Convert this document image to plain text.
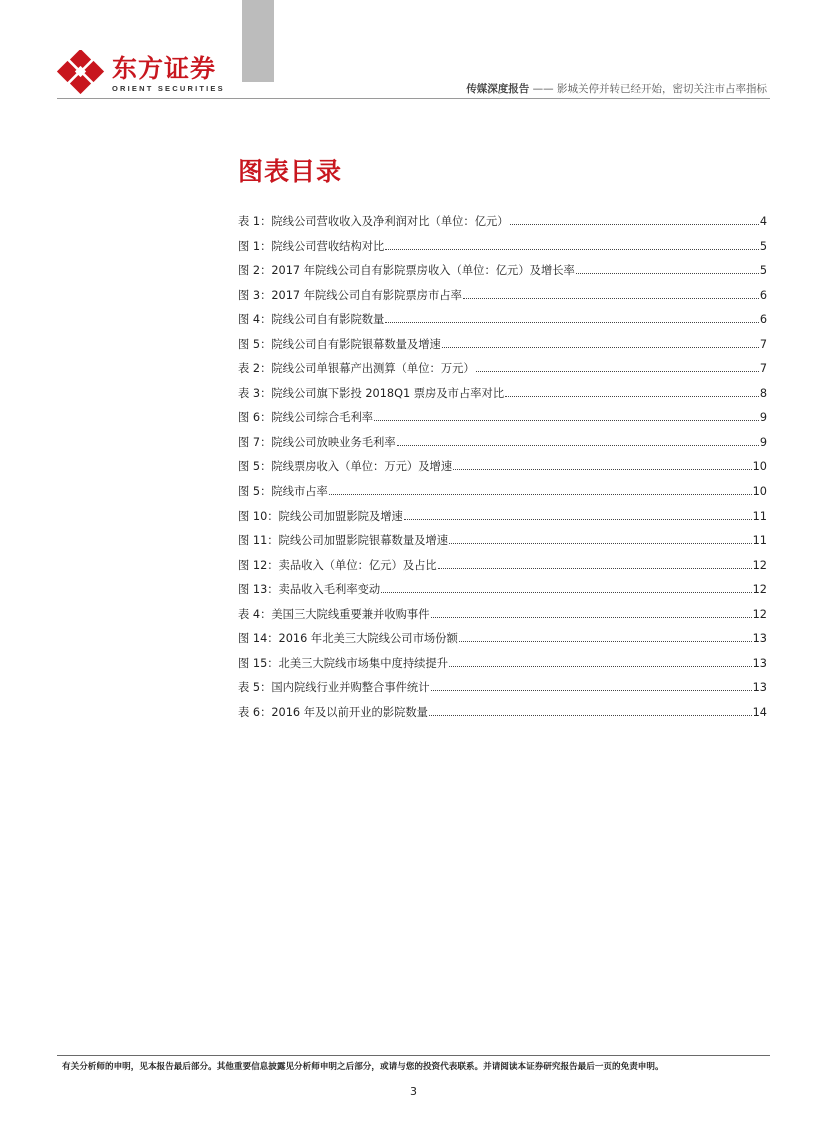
东方证券
ORIENT SECURITIES	传媒深度报告 —— 影城关停并转已经开始，密切关注市占率指标
图表目录
表 1：院线公司营收收入及净利润对比（单位：亿元）	4
图 1：院线公司营收结构对比	5
图 2：2017 年院线公司自有影院票房收入（单位：亿元）及增长率	5
图 3：2017 年院线公司自有影院票房市占率	6
图 4：院线公司自有影院数量	6
图 5：院线公司自有影院银幕数量及增速	7
表 2：院线公司单银幕产出测算（单位：万元）	7
表 3：院线公司旗下影投 2018Q1 票房及市占率对比	8
图 6：院线公司综合毛利率	9
图 7：院线公司放映业务毛利率	9
图 5：院线票房收入（单位：万元）及增速	10
图 5：院线市占率	10
图 10：院线公司加盟影院及增速	11
图 11：院线公司加盟影院银幕数量及增速	11
图 12：卖品收入（单位：亿元）及占比	12
图 13：卖品收入毛利率变动	12
表 4：美国三大院线重要兼并收购事件	12
图 14：2016 年北美三大院线公司市场份额	13
图 15：北美三大院线市场集中度持续提升	13
表 5：国内院线行业并购整合事件统计	13
表 6：2016 年及以前开业的影院数量	14
有关分析师的申明，见本报告最后部分。其他重要信息披露见分析师申明之后部分，或请与您的投资代表联系。并请阅读本证券研究报告最后一页的免责申明。
3
